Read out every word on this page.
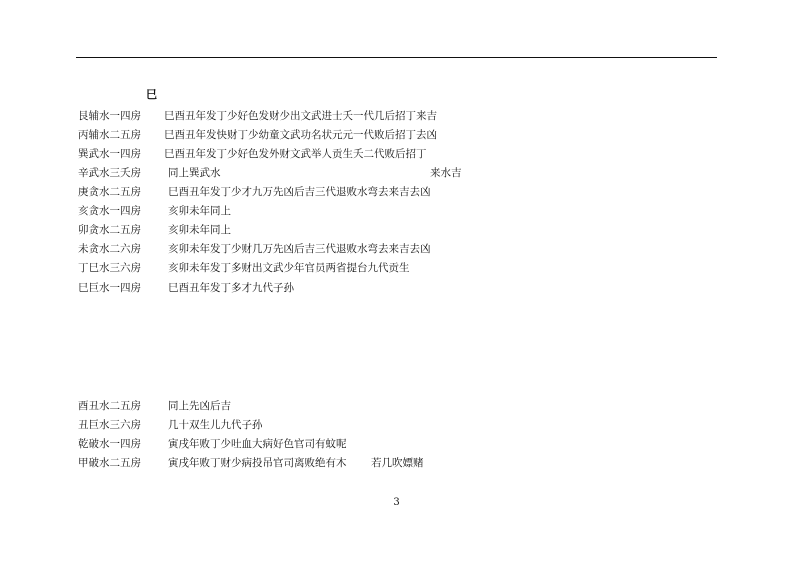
巳
艮辅水一四房 巳酉丑年发丁少好色发财少出文武进士夭一代几后招丁来吉
丙辅水二五房 巳酉丑年发快财丁少幼童文武功名状元元一代败后招丁去凶
巽武水一四房 巳酉丑年发丁少好色发外财文武举人贡生夭二代败后招丁
辛武水三夭房	同上巽武水	来水吉
庚贪水二五房	巳酉丑年发丁少才九万先凶后吉三代退败水弯去来吉去凶
亥贪水一四房	亥卯未年同上
卯贪水二五房	亥卯未年同上
未贪水二六房	亥卯未年发丁少财几万先凶后吉三代退败水弯去来吉去凶
丁巳水三六房	亥卯未年发丁多财出文武少年官员两省提台九代贡生
巳巨水一四房	巳酉丑年发丁多才九代子孙
酉丑水二五房	同上先凶后吉
丑巨水三六房	几十双生儿九代子孙
乾破水一四房	寅戌年败丁少吐血大病好色官司有蚊呢
甲破水二五房	寅戌年败丁财少病投吊官司离败绝有木 若几吹嫖赌
3
